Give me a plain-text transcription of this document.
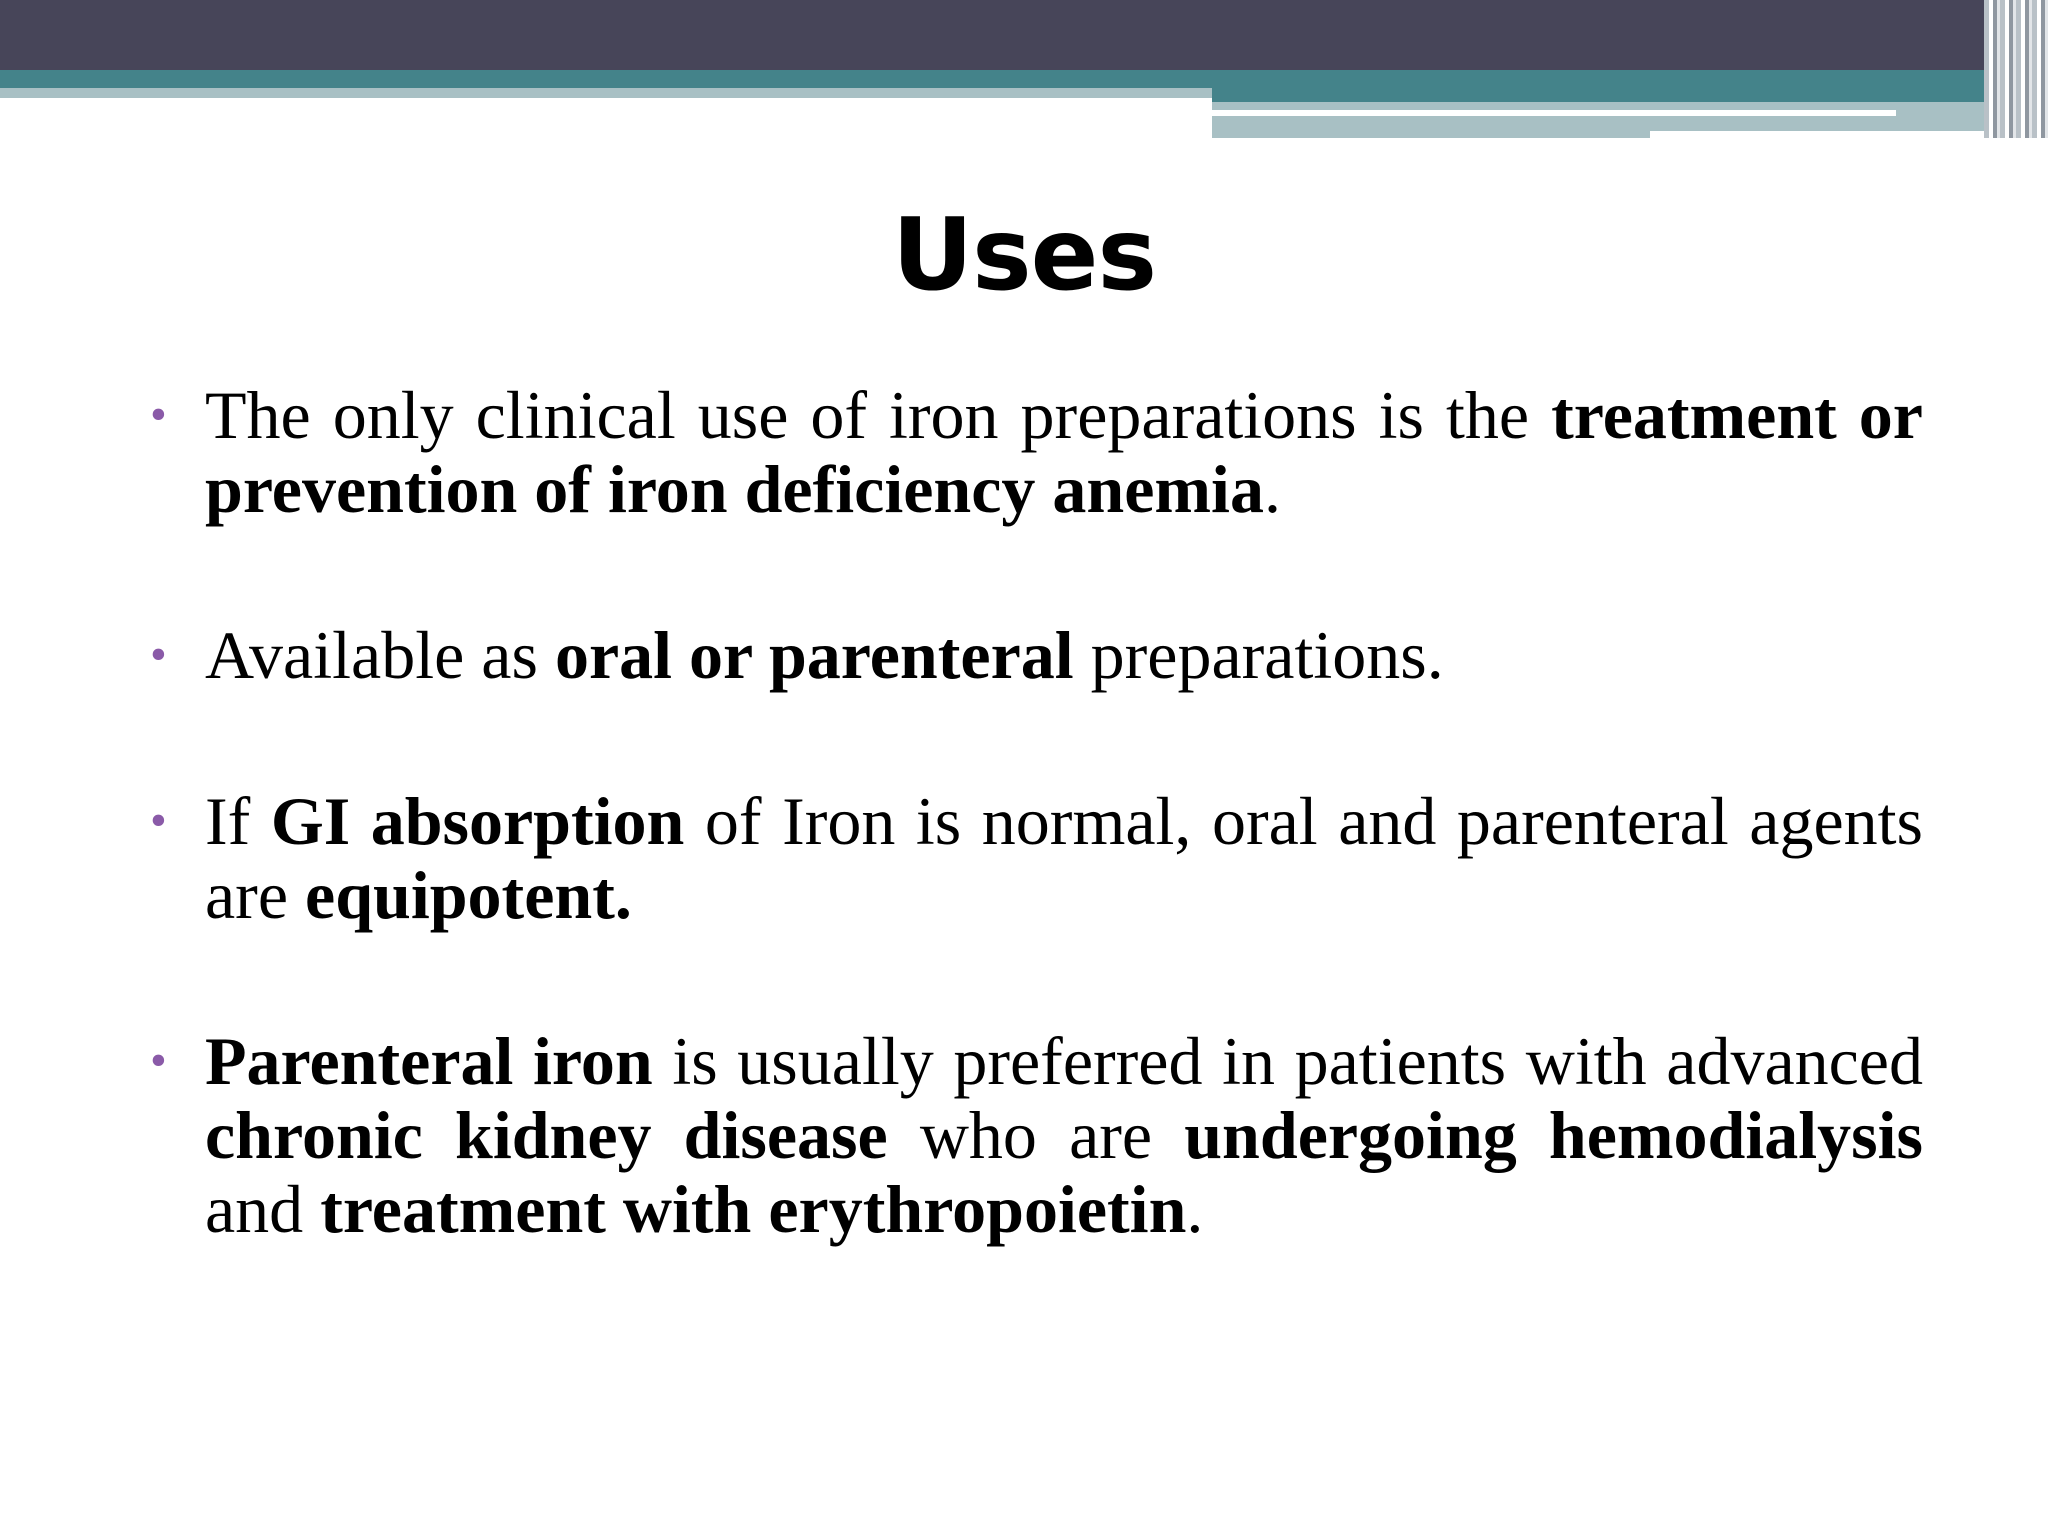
Uses
• The only clinical use of iron preparations is the treatment or prevention of iron deficiency anemia.
• Available as oral or parenteral preparations.
• If GI absorption of Iron is normal, oral and parenteral agents are equipotent.
• Parenteral iron is usually preferred in patients with advanced chronic kidney disease who are undergoing hemodialysis and treatment with erythropoietin.
